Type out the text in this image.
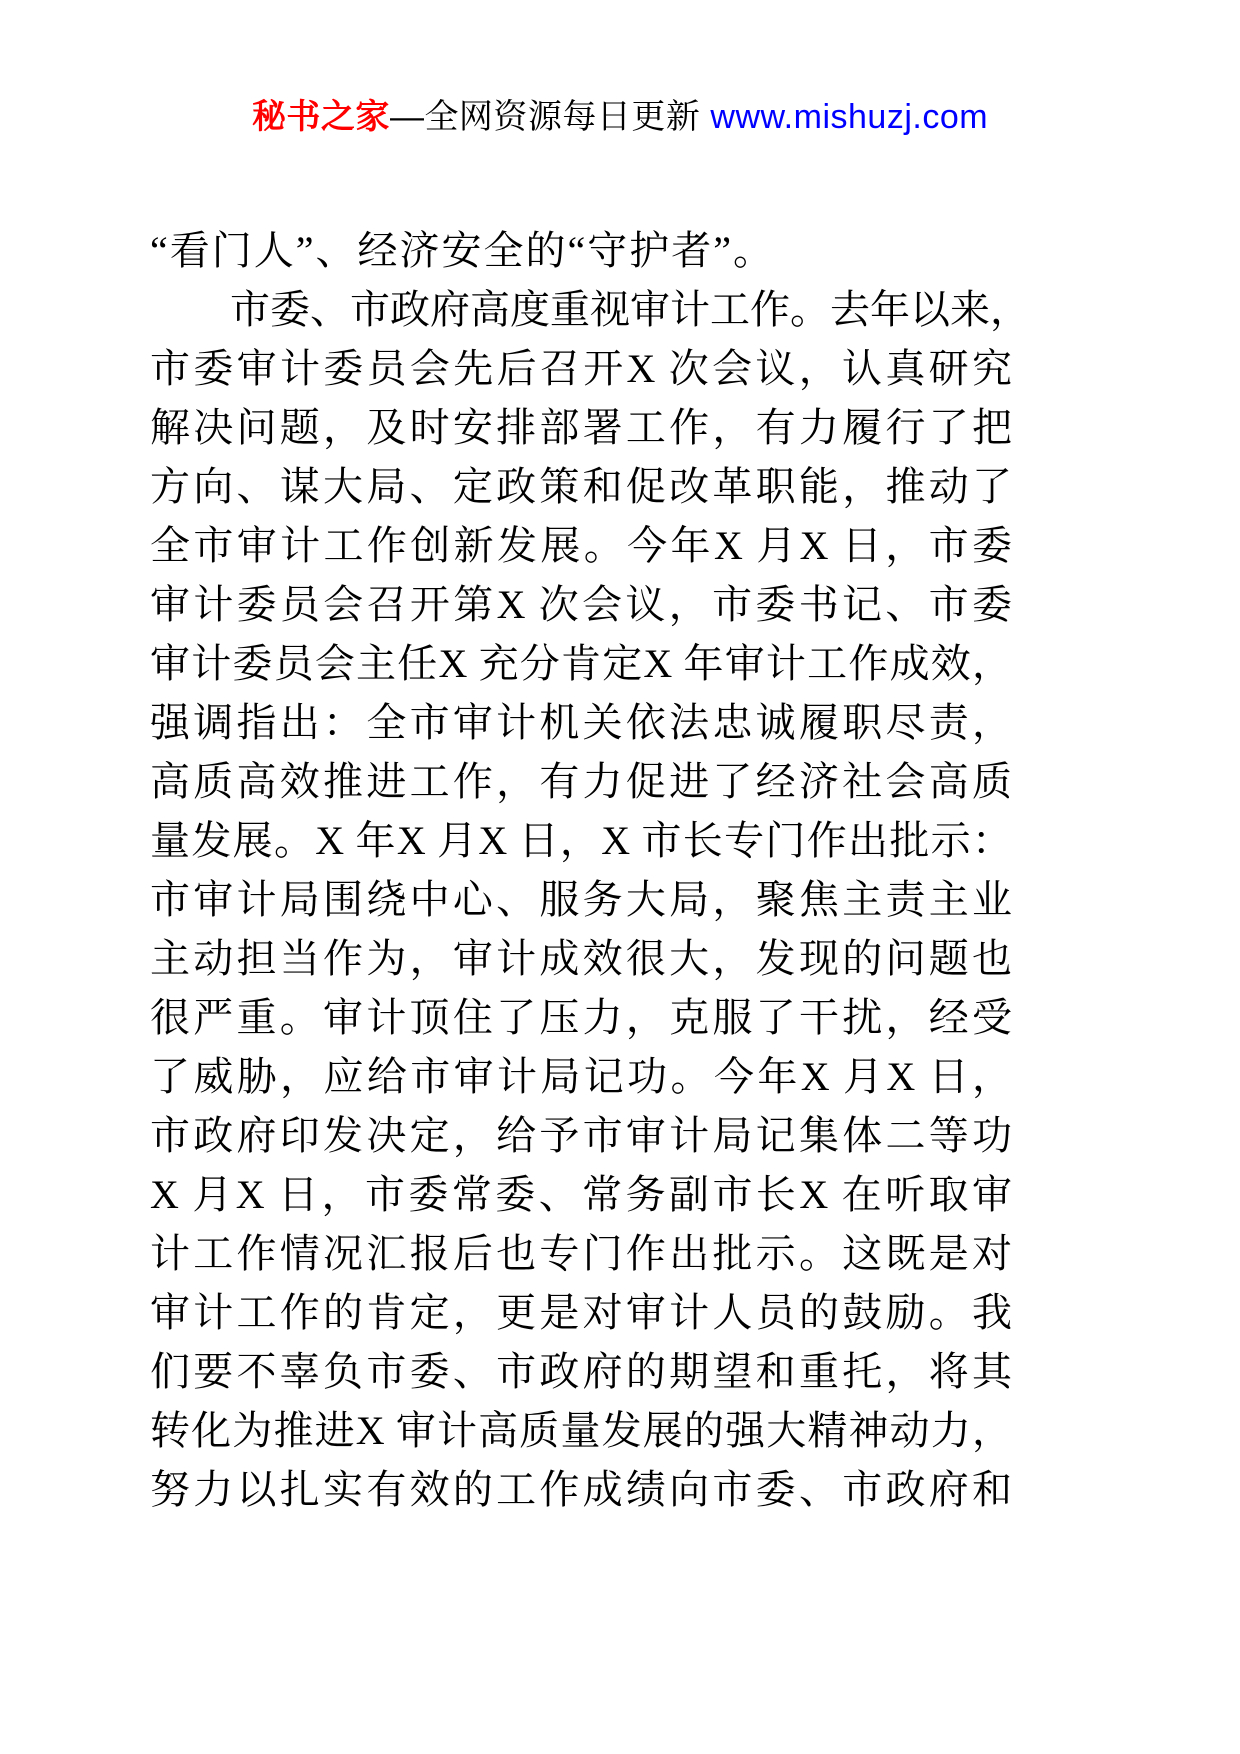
秘书之家—全网资源每日更新 www.mishuzj.com
“看门人”、经济安全的“守护者”。
　　市委、市政府高度重视审计工作。去年以来，
市委审计委员会先后召开X 次会议，认真研究
解决问题，及时安排部署工作，有力履行了把
方向、谋大局、定政策和促改革职能，推动了
全市审计工作创新发展。今年X 月X 日，市委
审计委员会召开第X 次会议，市委书记、市委
审计委员会主任X 充分肯定X 年审计工作成效，
强调指出：全市审计机关依法忠诚履职尽责，
高质高效推进工作，有力促进了经济社会高质
量发展。X 年X 月X 日，X 市长专门作出批示：
市审计局围绕中心、服务大局，聚焦主责主业
主动担当作为，审计成效很大，发现的问题也
很严重。审计顶住了压力，克服了干扰，经受
了威胁，应给市审计局记功。今年X 月X 日，
市政府印发决定，给予市审计局记集体二等功
X 月X 日，市委常委、常务副市长X 在听取审
计工作情况汇报后也专门作出批示。这既是对
审计工作的肯定，更是对审计人员的鼓励。我
们要不辜负市委、市政府的期望和重托，将其
转化为推进X 审计高质量发展的强大精神动力，
努力以扎实有效的工作成绩向市委、市政府和
